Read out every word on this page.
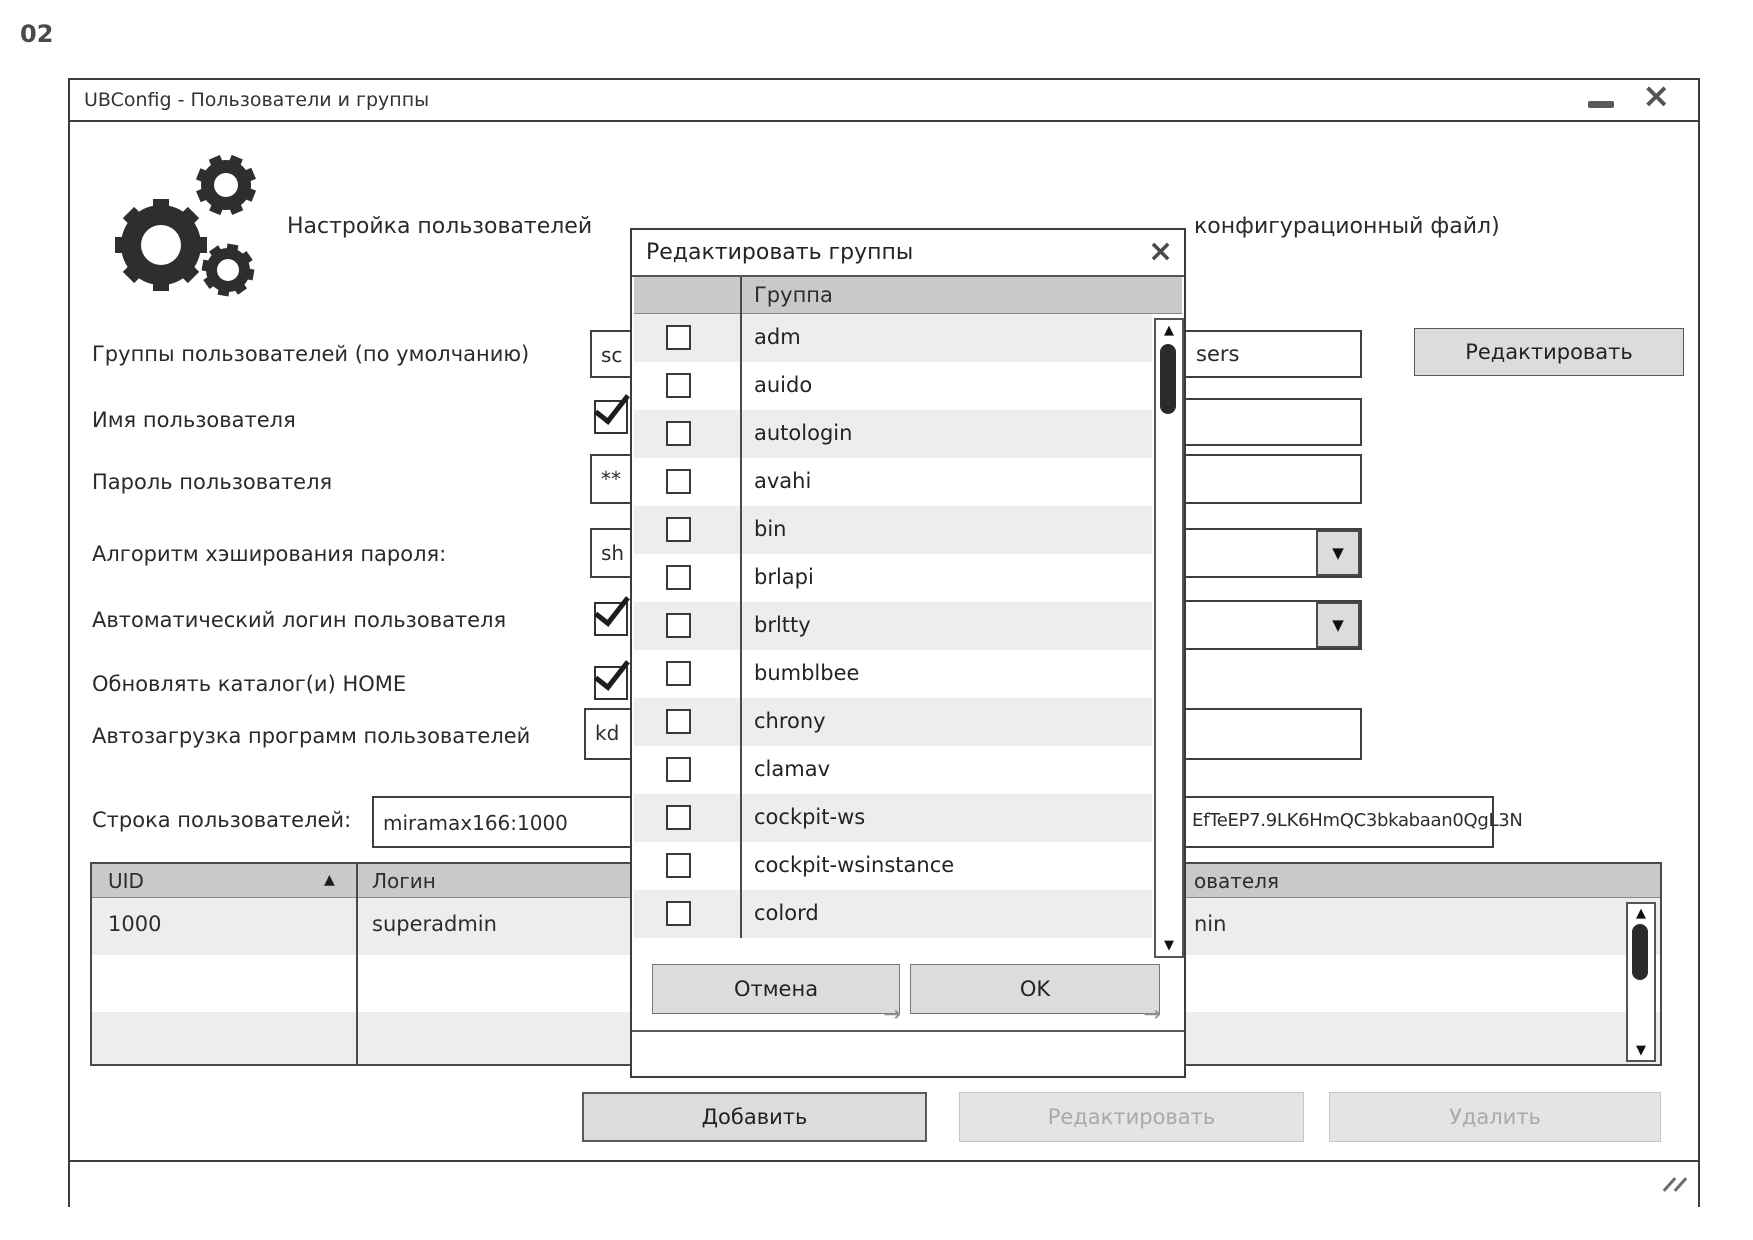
02
UBConfig - Пользователи и группы	×
Настройка пользователей	конфигурационный файл)
Группы пользователей (по умолчанию)	sc	sers	Редактировать
Имя пользователя
Пароль пользователя	**
Алгоритм хэширования пароля:	sh	▼
Автоматический логин пользователя	▼
Обновлять каталог(и) HOME
Автозагрузка программ пользователей	kd
Строка пользователей: miramax166:1000	EfTeEP7.9LK6HmQC3bkabaan0QgL3N
UID	▲ Логин	ователя
1000	superadmin	nin	▲
▼
Добавить	Редактировать	Удалить
Редактировать группы	×
Группа
adm
auido
autologin
avahi
bin
brlapi
brltty
bumblbee
chrony
clamav
cockpit-ws
cockpit-wsinstance
colord
▲
▼
Отмена
→
OK
→
